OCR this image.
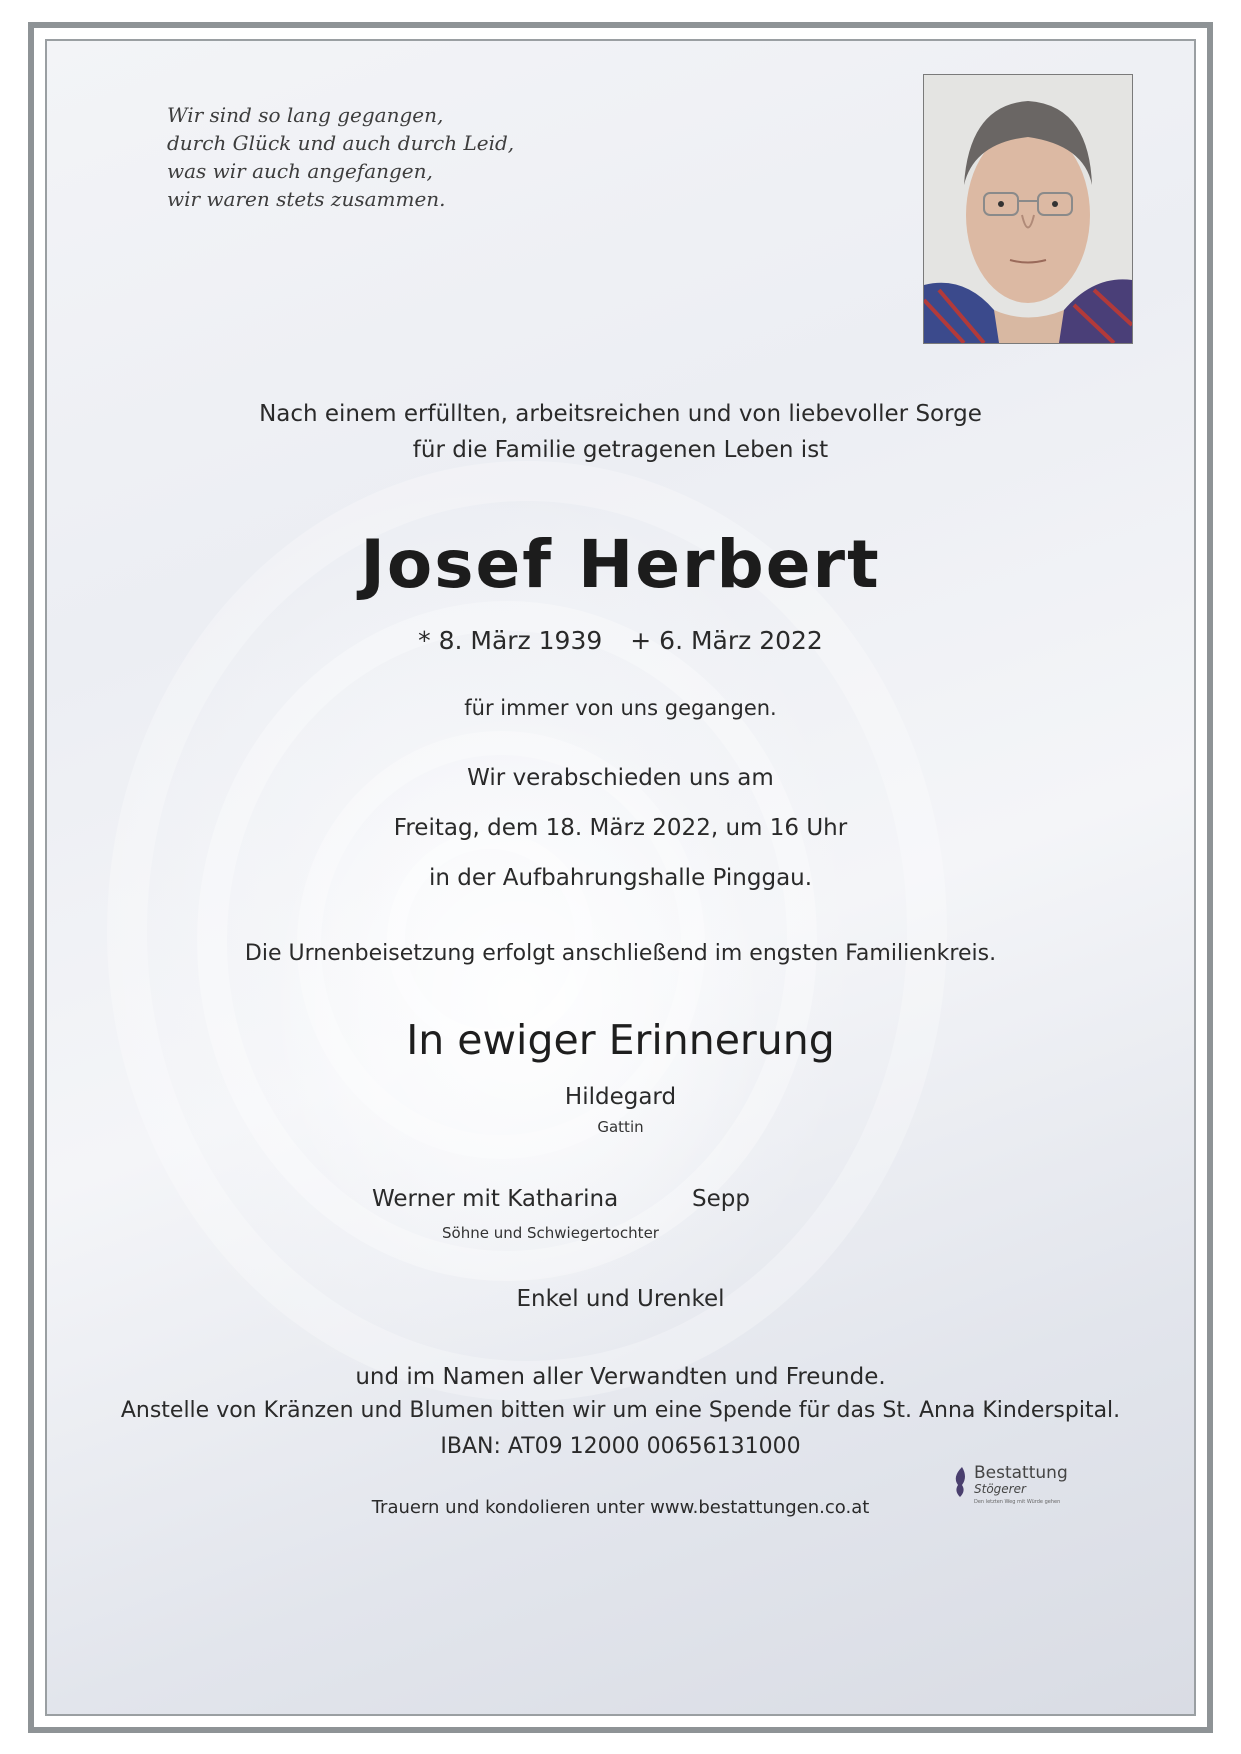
Wir sind so lang gegangen,
durch Glück und auch durch Leid,
was wir auch angefangen,
wir waren stets zusammen.
Nach einem erfüllten, arbeitsreichen und von liebevoller Sorge
für die Familie getragenen Leben ist
Josef Herbert
* 8. März 1939 + 6. März 2022
für immer von uns gegangen.
Wir verabschieden uns am
Freitag, dem 18. März 2022, um 16 Uhr
in der Aufbahrungshalle Pinggau.
Die Urnenbeisetzung erfolgt anschließend im engsten Familienkreis.
In ewiger Erinnerung
Hildegard
Gattin
Werner mit Katharina	Sepp
Söhne und Schwiegertochter
Enkel und Urenkel
und im Namen aller Verwandten und Freunde.
Anstelle von Kränzen und Blumen bitten wir um eine Spende für das St. Anna Kinderspital.
IBAN: AT09 12000 00656131000
Trauern und kondolieren unter www.bestattungen.co.at
Bestattung
Stögerer
Den letzten Weg mit Würde gehen
